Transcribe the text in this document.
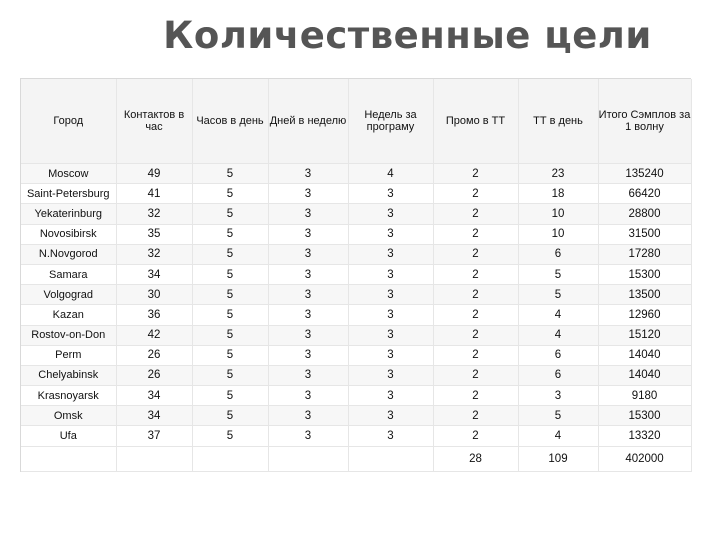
Количественные цели
Город	Контактов в час	Часов в день	Дней в неделю	Недель за програму	Промо в ТТ	ТТ в день	Итого Сэмплов за 1 волну
Moscow	49	5	3	4	2	23	135240
Saint-Petersburg	41	5	3	3	2	18	66420
Yekaterinburg	32	5	3	3	2	10	28800
Novosibirsk	35	5	3	3	2	10	31500
N.Novgorod	32	5	3	3	2	6	17280
Samara	34	5	3	3	2	5	15300
Volgograd	30	5	3	3	2	5	13500
Kazan	36	5	3	3	2	4	12960
Rostov-on-Don	42	5	3	3	2	4	15120
Perm	26	5	3	3	2	6	14040
Chelyabinsk	26	5	3	3	2	6	14040
Krasnoyarsk	34	5	3	3	2	3	9180
Omsk	34	5	3	3	2	5	15300
Ufa	37	5	3	3	2	4	13320
					28	109	402000
